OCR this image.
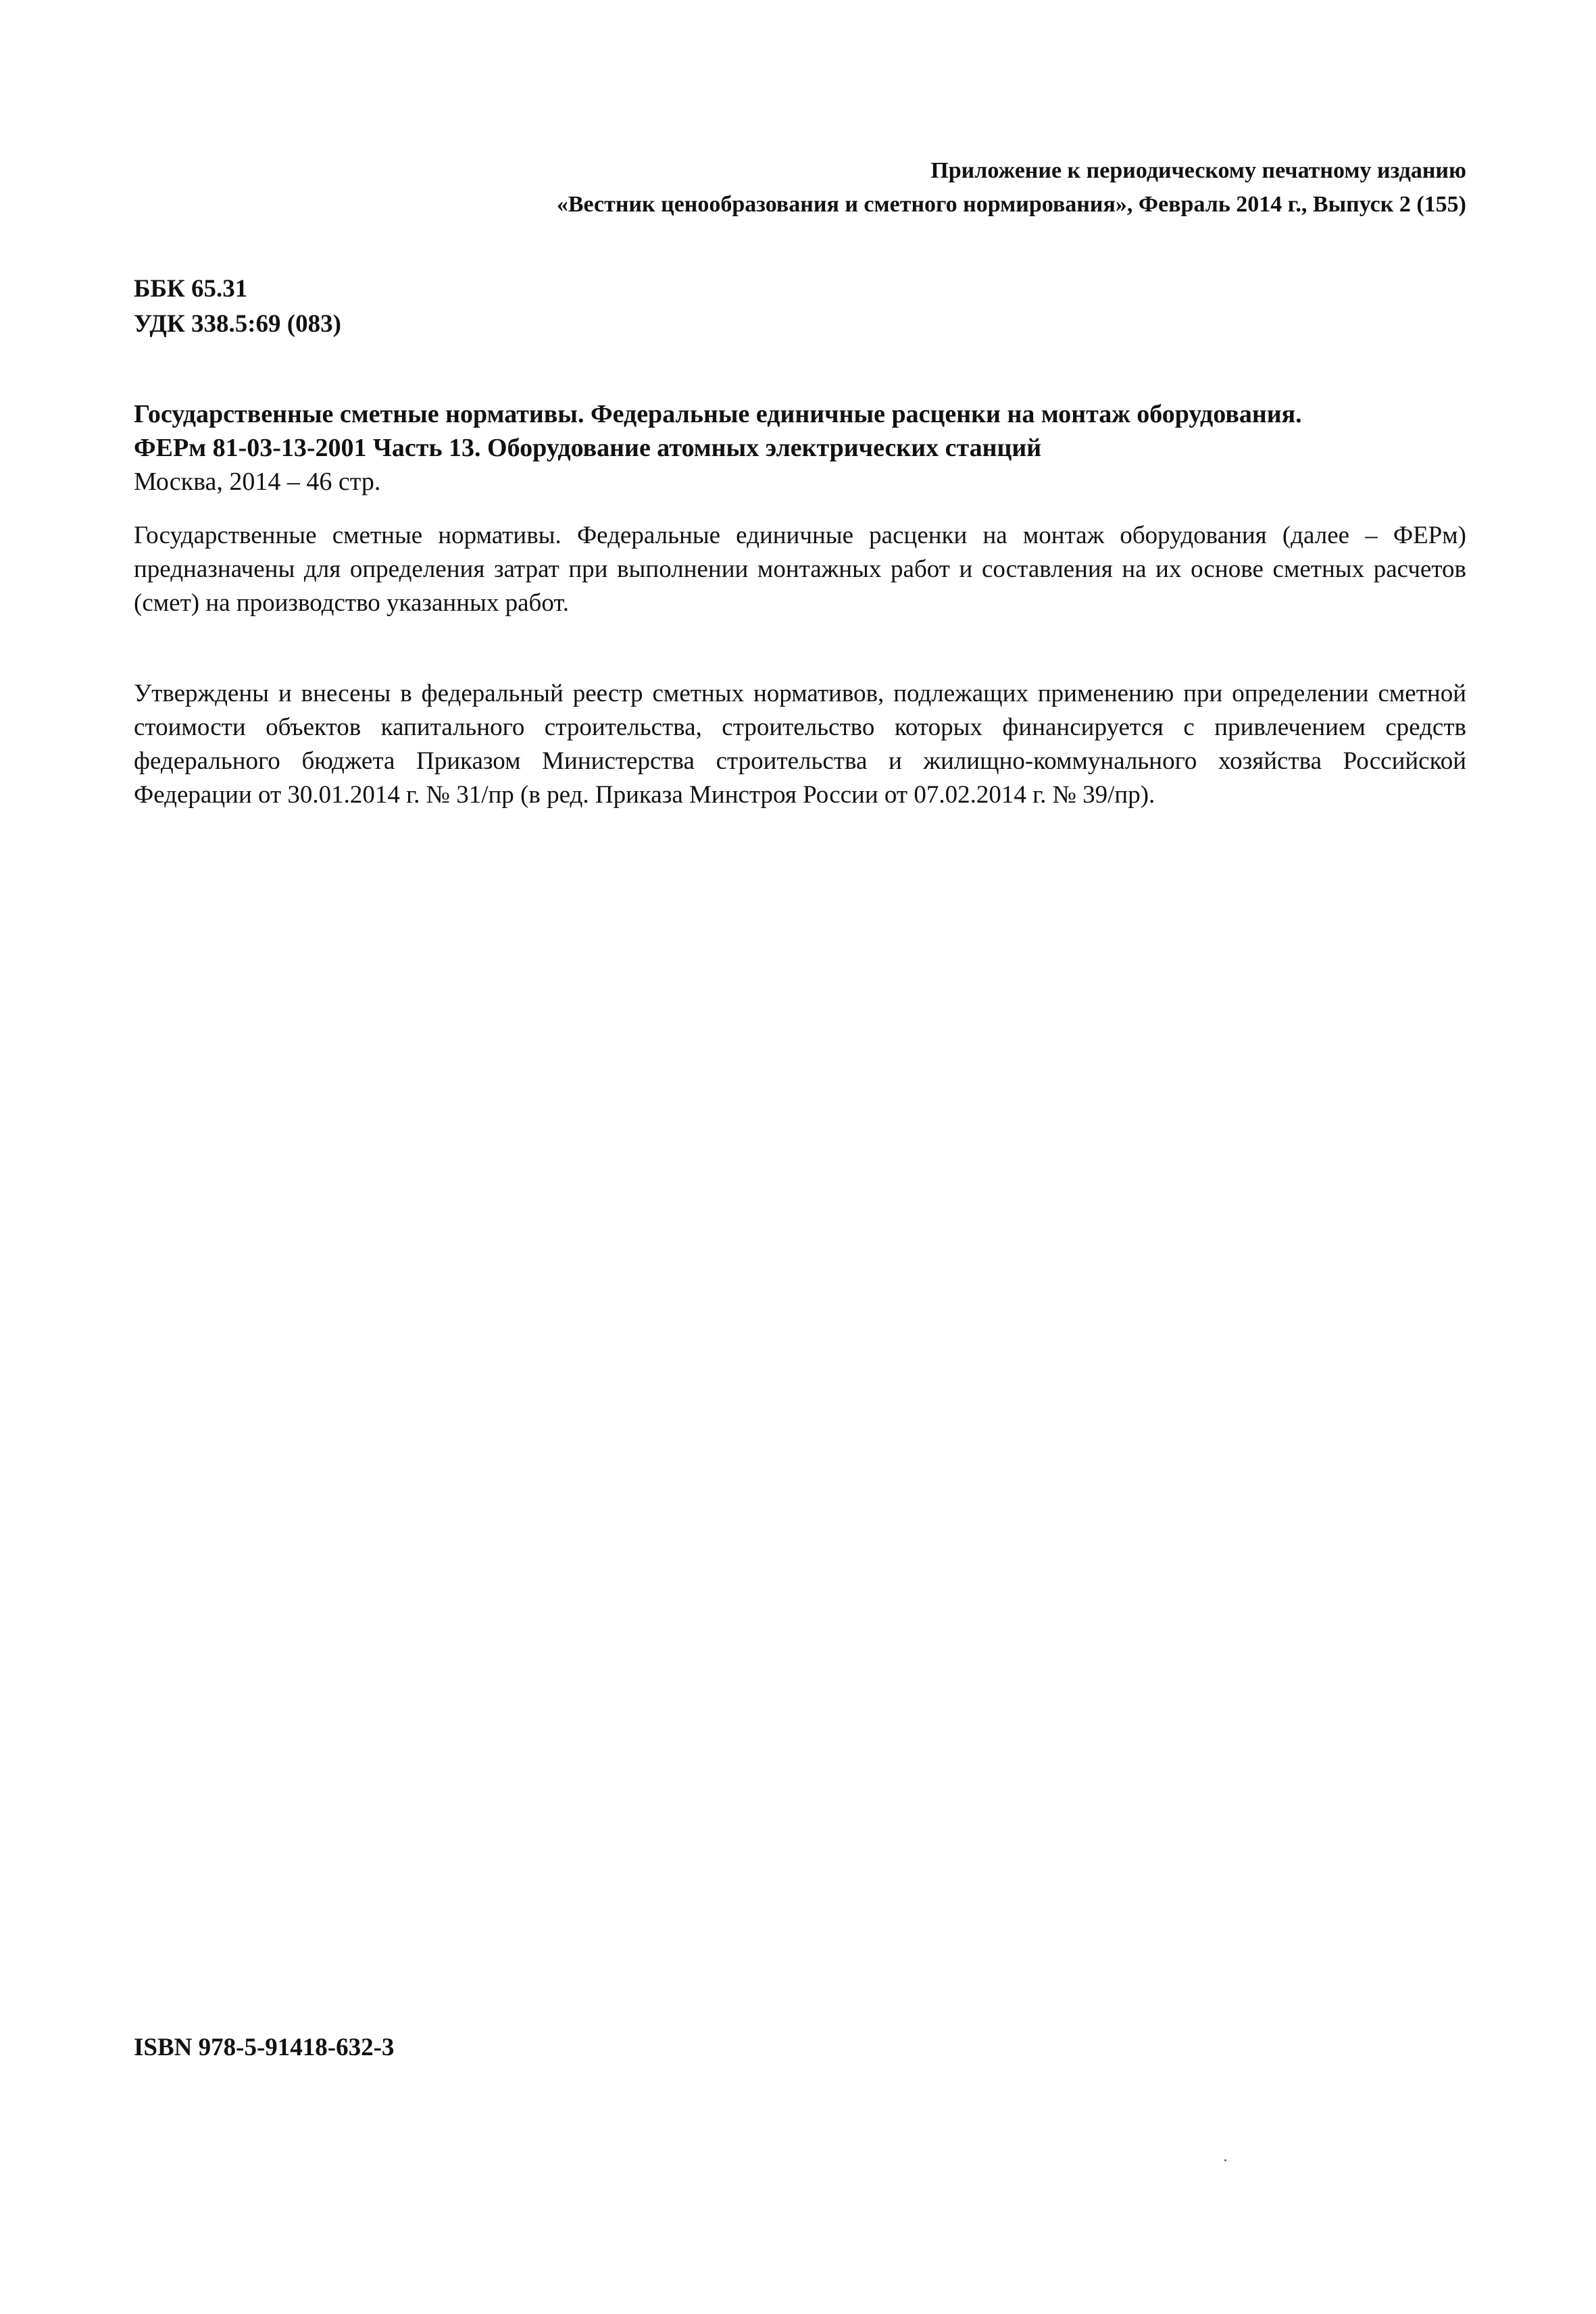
Приложение к периодическому печатному изданию
«Вестник ценообразования и сметного нормирования», Февраль 2014 г., Выпуск 2 (155)
ББК 65.31
УДК 338.5:69 (083)
Государственные сметные нормативы. Федеральные единичные расценки на монтаж оборудования.
ФЕРм 81-03-13-2001 Часть 13. Оборудование атомных электрических станций
Москва, 2014 – 46 стр.
Государственные сметные нормативы. Федеральные единичные расценки на монтаж оборудования (далее – ФЕРм) предназначены для определения затрат при выполнении монтажных работ и составления на их основе сметных расчетов (смет) на производство указанных работ.
Утверждены и внесены в федеральный реестр сметных нормативов, подлежащих применению при определении сметной стоимости объектов капитального строительства, строительство которых финансируется с привлечением средств федерального бюджета Приказом Министерства строительства и жилищно-коммунального хозяйства Российской Федерации от 30.01.2014 г. № 31/пр (в ред. Приказа Минстроя России от 07.02.2014 г. № 39/пр).
ISBN 978-5-91418-632-3
